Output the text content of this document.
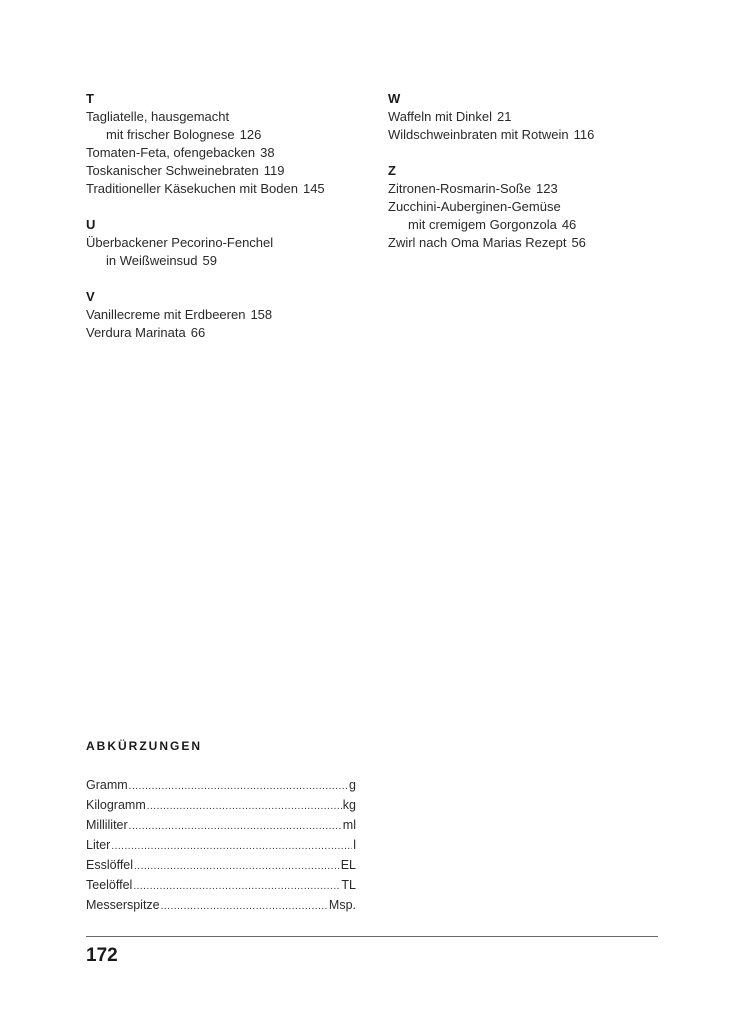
T
Tagliatelle, hausgemacht
mit frischer Bolognese 126
Tomaten-Feta, ofengebacken 38
Toskanischer Schweinebraten 119
Traditioneller Käsekuchen mit Boden 145
U
Überbackener Pecorino-Fenchel
in Weißweinsud 59
V
Vanillecreme mit Erdbeeren 158
Verdura Marinata 66
W
Waffeln mit Dinkel 21
Wildschweinbraten mit Rotwein 116
Z
Zitronen-Rosmarin-Soße 123
Zucchini-Auberginen-Gemüse
mit cremigem Gorgonzola 46
Zwirl nach Oma Marias Rezept 56
ABKÜRZUNGEN
Gramm .....	g
Kilogramm .....	kg
Milliliter .....	ml
Liter .....	l
Esslöffel .....	EL
Teelöffel .....	TL
Messerspitze .....	Msp.
172
